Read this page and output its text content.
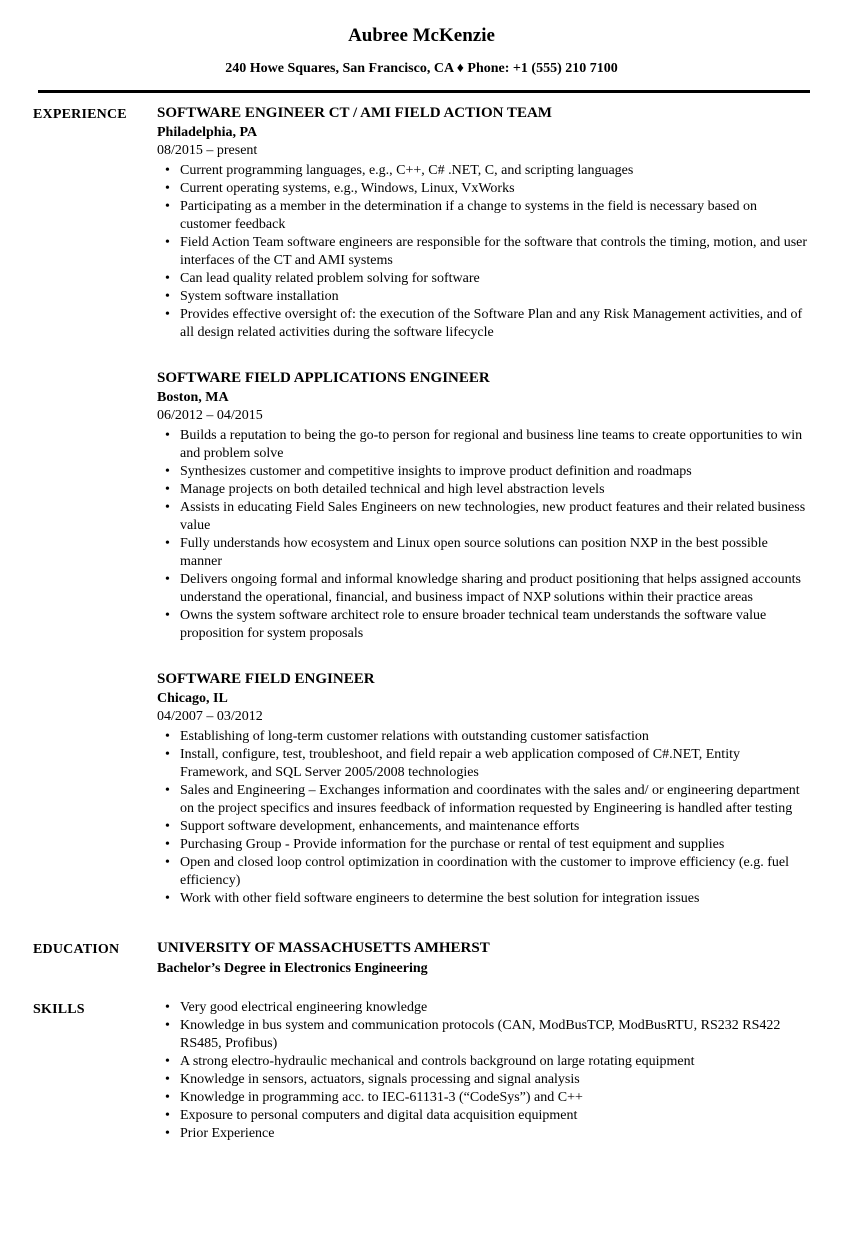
Aubree McKenzie
240 Howe Squares, San Francisco, CA ♦ Phone: +1 (555) 210 7100
EXPERIENCE	SOFTWARE ENGINEER CT / AMI FIELD ACTION TEAM
Philadelphia, PA
08/2015 – present
• Current programming languages, e.g., C++, C# .NET, C, and scripting languages
• Current operating systems, e.g., Windows, Linux, VxWorks
• Participating as a member in the determination if a change to systems in the field is necessary based on customer feedback
• Field Action Team software engineers are responsible for the software that controls the timing, motion, and user interfaces of the CT and AMI systems
• Can lead quality related problem solving for software
• System software installation
• Provides effective oversight of: the execution of the Software Plan and any Risk Management activities, and of all design related activities during the software lifecycle
SOFTWARE FIELD APPLICATIONS ENGINEER
Boston, MA
06/2012 – 04/2015
• Builds a reputation to being the go-to person for regional and business line teams to create opportunities to win and problem solve
• Synthesizes customer and competitive insights to improve product definition and roadmaps
• Manage projects on both detailed technical and high level abstraction levels
• Assists in educating Field Sales Engineers on new technologies, new product features and their related business value
• Fully understands how ecosystem and Linux open source solutions can position NXP in the best possible manner
• Delivers ongoing formal and informal knowledge sharing and product positioning that helps assigned accounts understand the operational, financial, and business impact of NXP solutions within their practice areas
• Owns the system software architect role to ensure broader technical team understands the software value proposition for system proposals
SOFTWARE FIELD ENGINEER
Chicago, IL
04/2007 – 03/2012
• Establishing of long-term customer relations with outstanding customer satisfaction
• Install, configure, test, troubleshoot, and field repair a web application composed of C#.NET, Entity Framework, and SQL Server 2005/2008 technologies
• Sales and Engineering – Exchanges information and coordinates with the sales and/ or engineering department on the project specifics and insures feedback of information requested by Engineering is handled after testing
• Support software development, enhancements, and maintenance efforts
• Purchasing Group - Provide information for the purchase or rental of test equipment and supplies
• Open and closed loop control optimization in coordination with the customer to improve efficiency (e.g. fuel efficiency)
• Work with other field software engineers to determine the best solution for integration issues
EDUCATION	UNIVERSITY OF MASSACHUSETTS AMHERST
Bachelor’s Degree in Electronics Engineering
SKILLS	• Very good electrical engineering knowledge
• Knowledge in bus system and communication protocols (CAN, ModBusTCP, ModBusRTU, RS232 RS422 RS485, Profibus)
• A strong electro-hydraulic mechanical and controls background on large rotating equipment
• Knowledge in sensors, actuators, signals processing and signal analysis
• Knowledge in programming acc. to IEC-61131-3 (“CodeSys”) and C++
• Exposure to personal computers and digital data acquisition equipment
• Prior Experience
